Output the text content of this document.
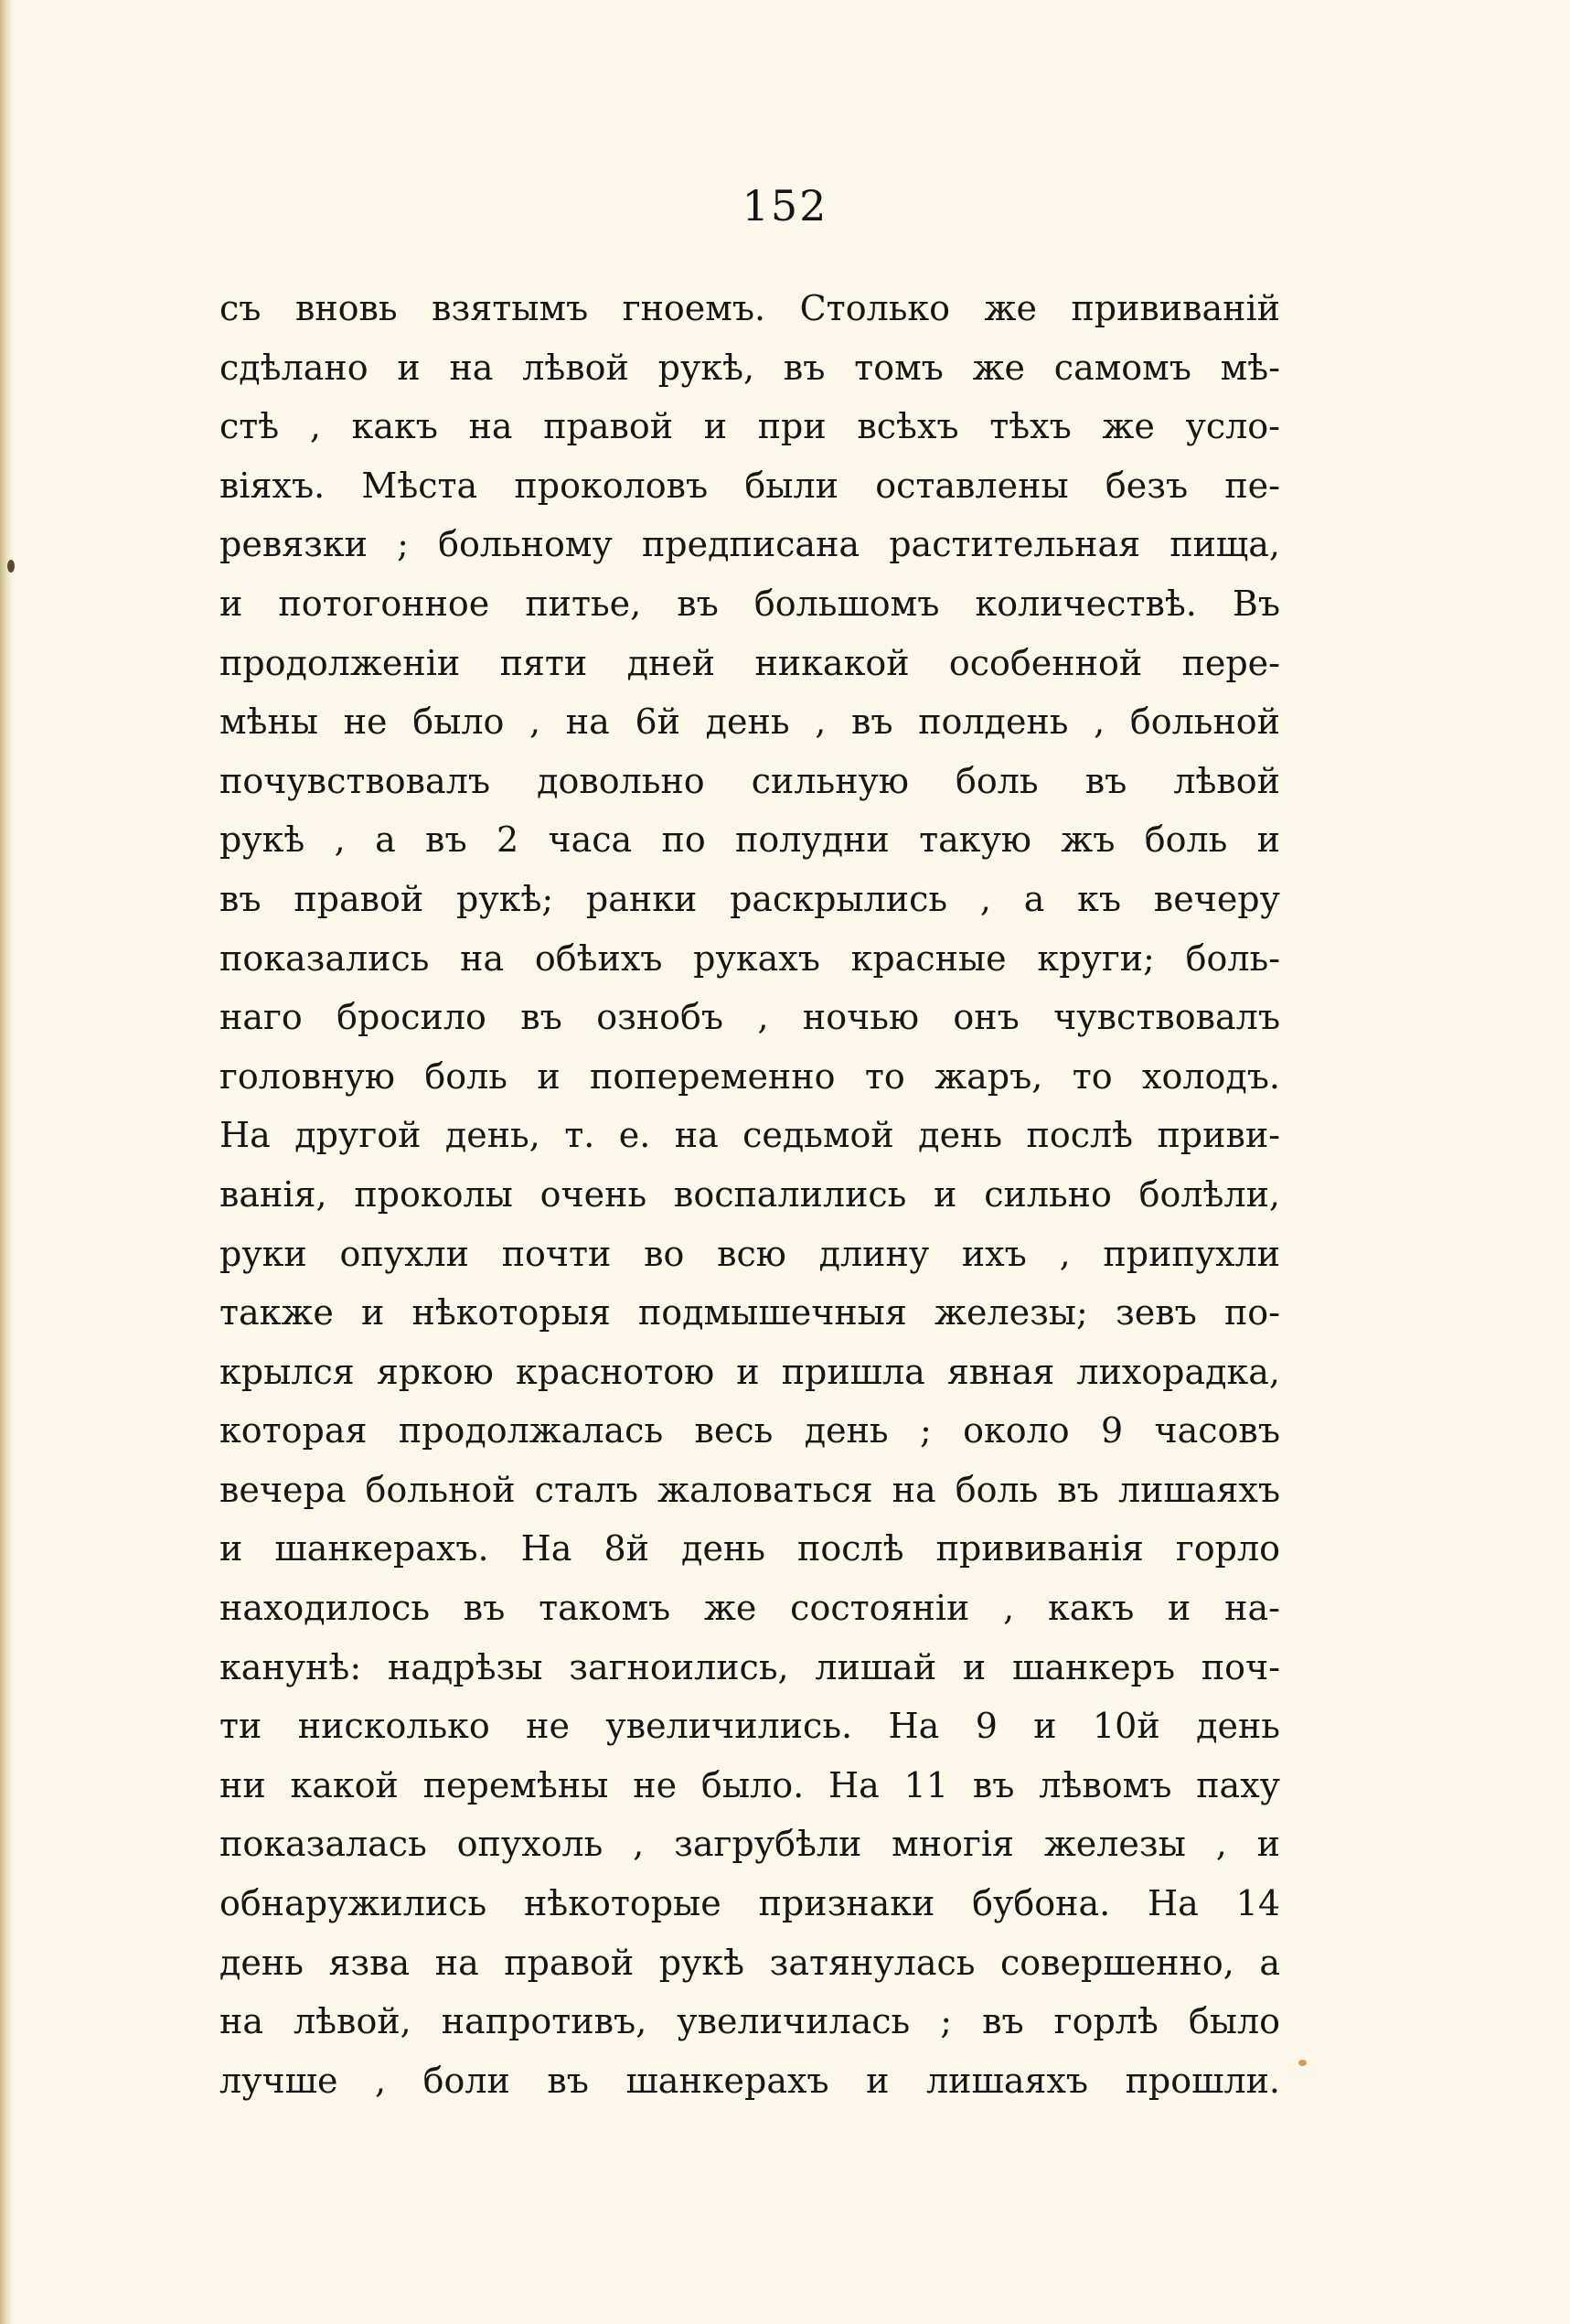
152
съ вновь взятымъ гноемъ. Столько же прививаній
сдѣлано и на лѣвой рукѣ, въ томъ же самомъ мѣ-
стѣ , какъ на правой и при всѣхъ тѣхъ же усло-
віяхъ. Мѣста проколовъ были оставлены безъ пе-
ревязки ; больному предписана растительная пища,
и потогонное питье, въ большомъ количествѣ. Въ
продолженіи пяти дней никакой особенной пере-
мѣны не было , на 6й день , въ полдень , больной
почувствовалъ довольно сильную боль въ лѣвой
рукѣ , а въ 2 часа по полудни такую жъ боль и
въ правой рукѣ; ранки раскрылись , а къ вечеру
показались на обѣихъ рукахъ красные круги; боль-
наго бросило въ ознобъ , ночью онъ чувствовалъ
головную боль и попеременно то жаръ, то холодъ.
На другой день, т. е. на седьмой день послѣ приви-
ванія, проколы очень воспалились и сильно болѣли,
руки опухли почти во всю длину ихъ , припухли
также и нѣкоторыя подмышечныя железы; зевъ по-
крылся яркою краснотою и пришла явная лихорадка,
которая продолжалась весь день ; около 9 часовъ
вечера больной сталъ жаловаться на боль въ лишаяхъ
и шанкерахъ. На 8й день послѣ прививанія горло
находилось въ такомъ же состояніи , какъ и на-
канунѣ: надрѣзы загноились, лишай и шанкеръ поч-
ти нисколько не увеличились. На 9 и 10й день
ни какой перемѣны не было. На 11 въ лѣвомъ паху
показалась опухоль , загрубѣли многія железы , и
обнаружились нѣкоторые признаки бубона. На 14
день язва на правой рукѣ затянулась совершенно, а
на лѣвой, напротивъ, увеличилась ; въ горлѣ было
лучше , боли въ шанкерахъ и лишаяхъ прошли.
